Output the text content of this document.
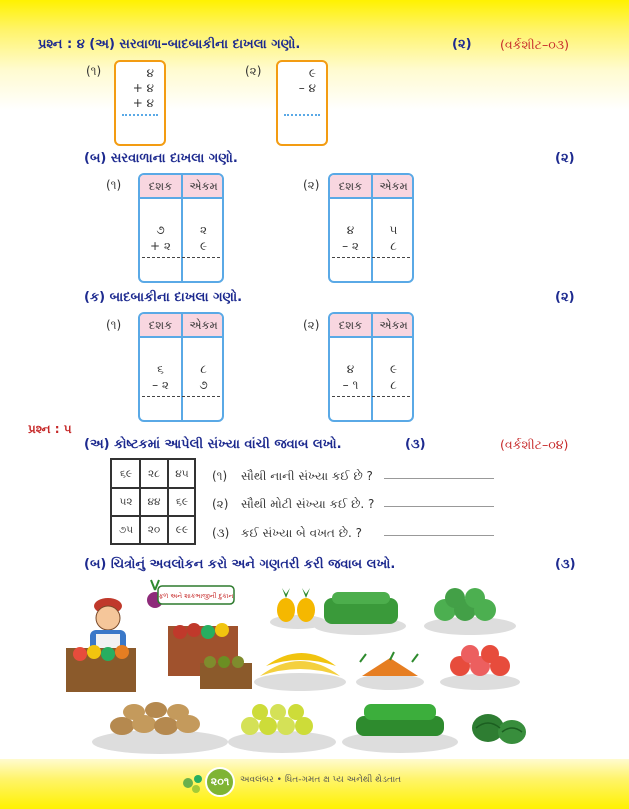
પ્રશ્ન : ૪ (અ) સરવાળા–બાદબાકીના દાખલા ગણો.	(૨) (વર્કશીટ–૦૩)
(૧)	૪
+ ૪
+ ૪
(૨)	૯
– ૪
(બ) સરવાળાના દાખલા ગણો.	(૨)
(૧)	દશક	એકમ
૭	૨
+ ૨	૯
(૨)	દશક	એકમ
૪	૫
– ૨	૮
(ક) બાદબાકીના દાખલા ગણો.	(૨)
(૧)	દશક	એકમ
૬	૮
– ૨	૭
(૨)	દશક	એકમ
૪	૯
– ૧	૮
પ્રશ્ન : ૫
(અ) કોષ્ટકમાં આપેલી સંખ્યા વાંચી જવાબ લખો.	(૩)	(વર્કશીટ–૦૪)
૬૯	૨૮	૪૫
૫૨	૪૪	૬૯
૭૫	૨૦	૯૯
(૧) સૌથી નાની સંખ્યા કઈ છે ?
(૨) સૌથી મોટી સંખ્યા કઈ છે. ?
(૩) કઈ સંખ્યા બે વખત છે. ?
(બ) ચિત્રોનું અવલોકન કરો અને ગણતરી કરી જવાબ લખો.	(૩)
ફળ અને શાકભાજીની દુકાન
૨૦૧	અવલંબર • ધિત-ગમત ક્ષ પ્ય અનેથી થેડતાત
